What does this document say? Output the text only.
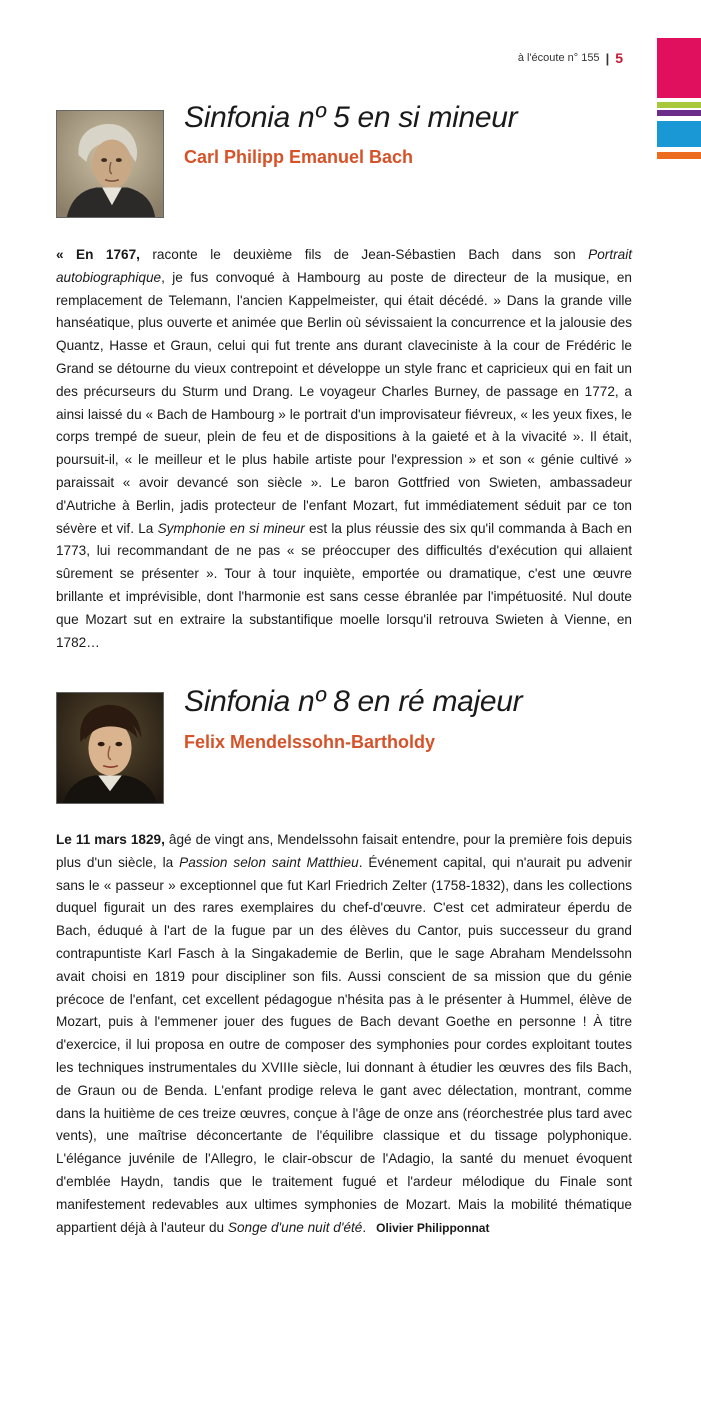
à l'écoute n° 155 | 5
Sinfonia nº 5 en si mineur
Carl Philipp Emanuel Bach

« En 1767, raconte le deuxième fils de Jean-Sébastien Bach dans son Portrait autobiographique, je fus convoqué à Hambourg au poste de directeur de la musique, en remplacement de Telemann, l'ancien Kappelmeister, qui était décédé. » Dans la grande ville hanséatique, plus ouverte et animée que Berlin où sévissaient la concurrence et la jalousie des Quantz, Hasse et Graun, celui qui fut trente ans durant claveciniste à la cour de Frédéric le Grand se détourne du vieux contrepoint et développe un style franc et capricieux qui en fait un des précurseurs du Sturm und Drang. Le voyageur Charles Burney, de passage en 1772, a ainsi laissé du « Bach de Hambourg » le portrait d'un improvisateur fiévreux, « les yeux fixes, le corps trempé de sueur, plein de feu et de dispositions à la gaieté et à la vivacité ». Il était, poursuit-il, « le meilleur et le plus habile artiste pour l'expression » et son « génie cultivé » paraissait « avoir devancé son siècle ». Le baron Gottfried von Swieten, ambassadeur d'Autriche à Berlin, jadis protecteur de l'enfant Mozart, fut immédiatement séduit par ce ton sévère et vif. La Symphonie en si mineur est la plus réussie des six qu'il commanda à Bach en 1773, lui recommandant de ne pas « se préoccuper des difficultés d'exécution qui allaient sûrement se présenter ». Tour à tour inquiète, emportée ou dramatique, c'est une œuvre brillante et imprévisible, dont l'harmonie est sans cesse ébranlée par l'impétuosité. Nul doute que Mozart sut en extraire la substantifique moelle lorsqu'il retrouva Swieten à Vienne, en 1782…

Sinfonia nº 8 en ré majeur
Felix Mendelssohn-Bartholdy

Le 11 mars 1829, âgé de vingt ans, Mendelssohn faisait entendre, pour la première fois depuis plus d'un siècle, la Passion selon saint Matthieu. Événement capital, qui n'aurait pu advenir sans le « passeur » exceptionnel que fut Karl Friedrich Zelter (1758-1832), dans les collections duquel figurait un des rares exemplaires du chef-d'œuvre. C'est cet admirateur éperdu de Bach, éduqué à l'art de la fugue par un des élèves du Cantor, puis successeur du grand contrapuntiste Karl Fasch à la Singakademie de Berlin, que le sage Abraham Mendelssohn avait choisi en 1819 pour discipliner son fils. Aussi conscient de sa mission que du génie précoce de l'enfant, cet excellent pédagogue n'hésita pas à le présenter à Hummel, élève de Mozart, puis à l'emmener jouer des fugues de Bach devant Goethe en personne ! À titre d'exercice, il lui proposa en outre de composer des symphonies pour cordes exploitant toutes les techniques instrumentales du XVIIIe siècle, lui donnant à étudier les œuvres des fils Bach, de Graun ou de Benda. L'enfant prodige releva le gant avec délectation, montrant, comme dans la huitième de ces treize œuvres, conçue à l'âge de onze ans (réorchestrée plus tard avec vents), une maîtrise déconcertante de l'équilibre classique et du tissage polyphonique. L'élégance juvénile de l'Allegro, le clair-obscur de l'Adagio, la santé du menuet évoquent d'emblée Haydn, tandis que le traitement fugué et l'ardeur mélodique du Finale sont manifestement redevables aux ultimes symphonies de Mozart. Mais la mobilité thématique appartient déjà à l'auteur du Songe d'une nuit d'été. Olivier Philipponnat
